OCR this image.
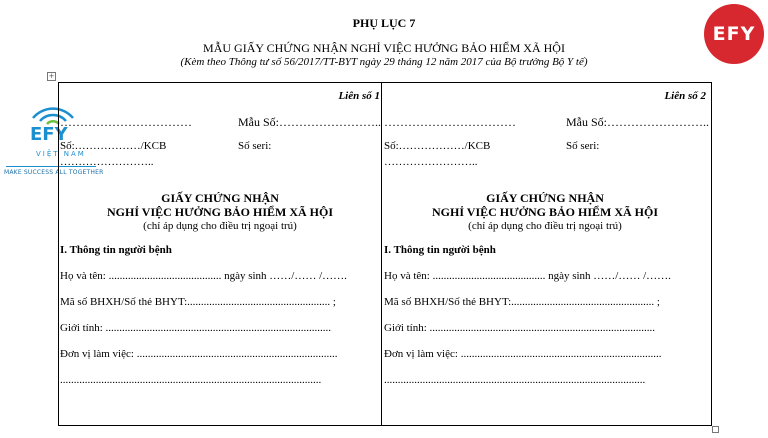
PHỤ LỤC 7
MẪU GIẤY CHỨNG NHẬN NGHỈ VIỆC HƯỞNG BẢO HIỂM XÃ HỘI
(Kèm theo Thông tư số 56/2017/TT-BYT ngày 29 tháng 12 năm 2017 của Bộ trưởng Bộ Y tế)
EFY
EFY
VIỆT NAM
MAKE SUCCESS ALL TOGETHER
+
Liên số 1
……………………………	Mẫu Số:……………………..
Số:………………/KCB	Số seri:
……………………..
GIẤY CHỨNG NHẬN
NGHỈ VIỆC HƯỞNG BẢO HIỂM XÃ HỘI
(chỉ áp dụng cho điều trị ngoại trú)
I. Thông tin người bệnh
Họ và tên: ......................................... ngày sinh ……/…… /…….
Mã số BHXH/Số thẻ BHYT:.................................................... ;
Giới tính: ..................................................................................
Đơn vị làm việc: .........................................................................
...............................................................................................
Liên số 2
……………………………	Mẫu Số:……………………..
Số:………………/KCB	Số seri:
……………………..
GIẤY CHỨNG NHẬN
NGHỈ VIỆC HƯỞNG BẢO HIỂM XÃ HỘI
(chỉ áp dụng cho điều trị ngoại trú)
I. Thông tin người bệnh
Họ và tên: ......................................... ngày sinh ……/…… /…….
Mã số BHXH/Số thẻ BHYT:.................................................... ;
Giới tính: ..................................................................................
Đơn vị làm việc: .........................................................................
...............................................................................................
